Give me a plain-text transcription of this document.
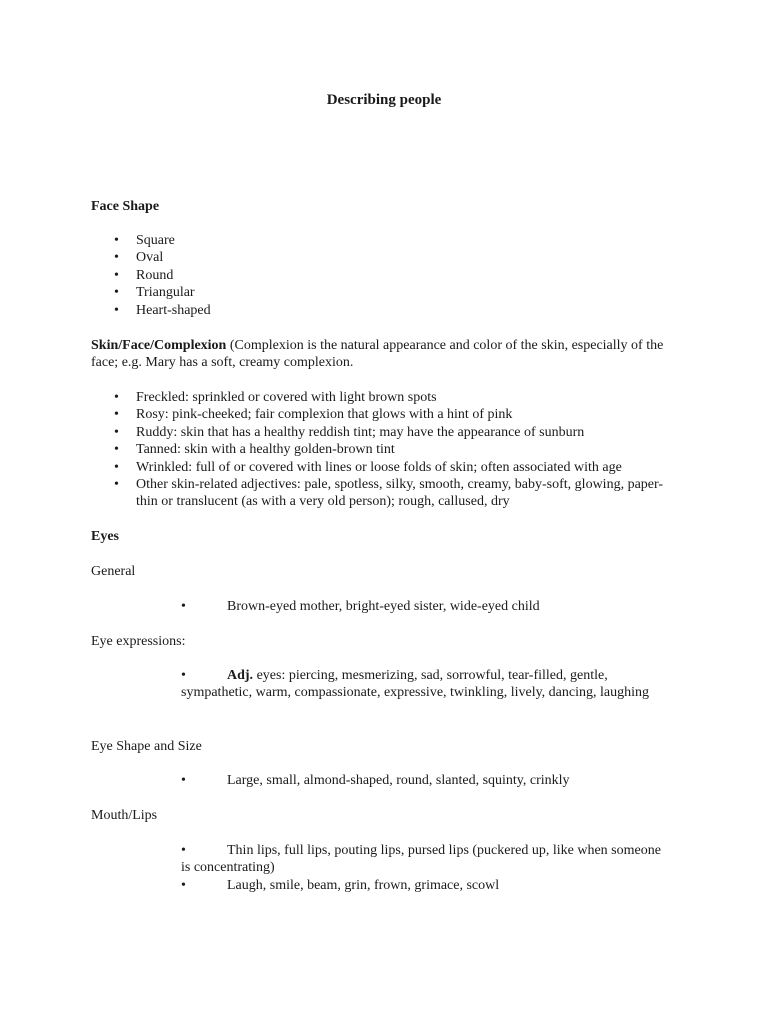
Describing people
Face Shape
• Square
• Oval
• Round
• Triangular
• Heart-shaped

Skin/Face/Complexion (Complexion is the natural appearance and color of the skin, especially of the face; e.g. Mary has a soft, creamy complexion.

• Freckled: sprinkled or covered with light brown spots
• Rosy: pink-cheeked; fair complexion that glows with a hint of pink
• Ruddy: skin that has a healthy reddish tint; may have the appearance of sunburn
• Tanned: skin with a healthy golden-brown tint
• Wrinkled: full of or covered with lines or loose folds of skin; often associated with age
• Other skin-related adjectives: pale, spotless, silky, smooth, creamy, baby-soft, glowing, paper-thin or translucent (as with a very old person); rough, callused, dry
Eyes
General

•	Brown-eyed mother, bright-eyed sister, wide-eyed child

Eye expressions:

•	Adj. eyes: piercing, mesmerizing, sad, sorrowful, tear-filled, gentle, sympathetic, warm, compassionate, expressive, twinkling, lively, dancing, laughing

Eye Shape and Size

•	Large, small, almond-shaped, round, slanted, squinty, crinkly

Mouth/Lips

•	Thin lips, full lips, pouting lips, pursed lips (puckered up, like when someone is concentrating)

•	Laugh, smile, beam, grin, frown, grimace, scowl
